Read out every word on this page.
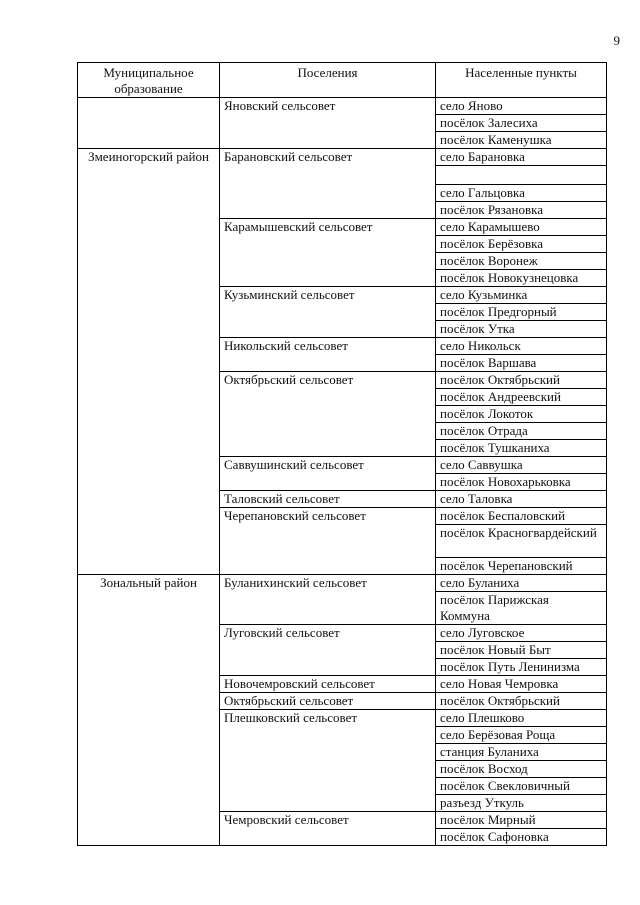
9
Муниципальное образование	Поселения	Населенные пункты
	Яновский сельсовет	село Яново
		посёлок Залесиха
		посёлок Каменушка
Змеиногорский район	Барановский сельсовет	село Барановка

		село Гальцовка
		посёлок Рязановка
	Карамышевский сельсовет	село Карамышево
		посёлок Берёзовка
		посёлок Воронеж
		посёлок Новокузнецовка
	Кузьминский сельсовет	село Кузьминка
		посёлок Предгорный
		посёлок Утка
	Никольский сельсовет	село Никольск
		посёлок Варшава
	Октябрьский сельсовет	посёлок Октябрьский
		посёлок Андреевский
		посёлок Локоток
		посёлок Отрада
		посёлок Тушканиха
	Саввушинский сельсовет	село Саввушка
		посёлок Новохарьковка
	Таловский сельсовет	село Таловка
	Черепановский сельсовет	посёлок Беспаловский
		посёлок Красногвардейский
		посёлок Черепановский
Зональный район	Буланихинский сельсовет	село Буланиха
		посёлок Парижская Коммуна
	Луговский сельсовет	село Луговское
		посёлок Новый Быт
		посёлок Путь Ленинизма
	Новочемровский сельсовет	село Новая Чемровка
	Октябрьский сельсовет	посёлок Октябрьский
	Плешковский сельсовет	село Плешково
		село Берёзовая Роща
		станция Буланиха
		посёлок Восход
		посёлок Свекловичный
		разъезд Уткуль
	Чемровский сельсовет	посёлок Мирный
		посёлок Сафоновка
